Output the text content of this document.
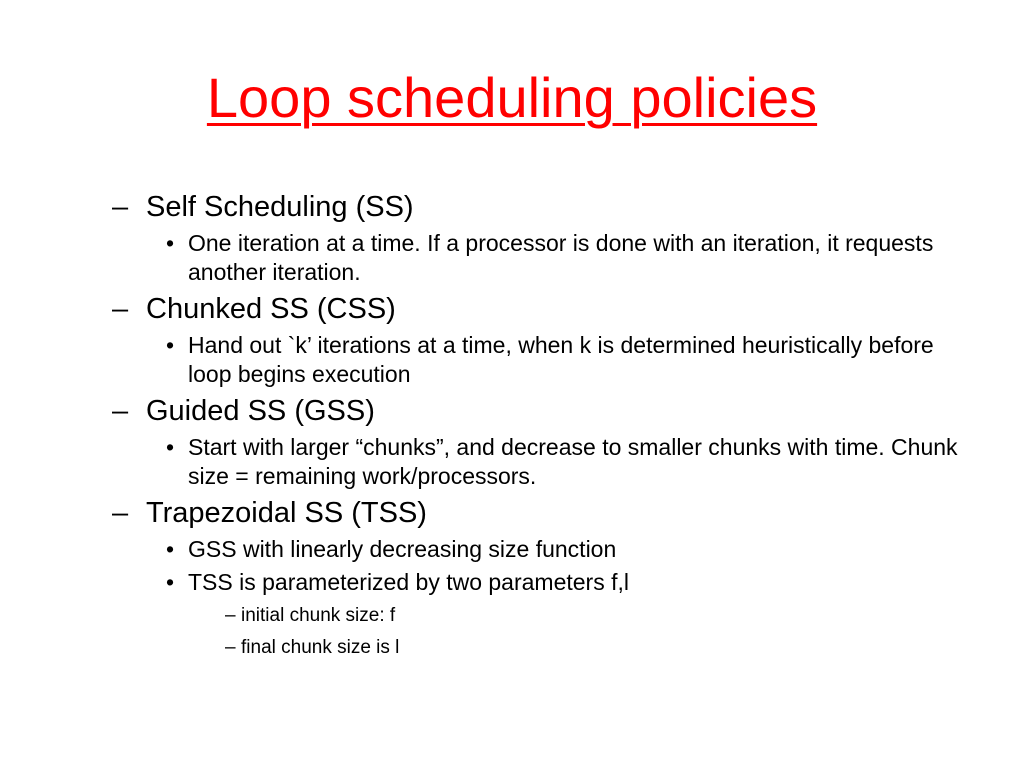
Loop scheduling policies
– Self Scheduling (SS)
• One iteration at a time. If a processor is done with an iteration, it requests another iteration.
– Chunked SS (CSS)
• Hand out `k’ iterations at a time, when k is determined heuristically before loop begins execution
– Guided SS (GSS)
• Start with larger “chunks”, and decrease to smaller chunks with time. Chunk size = remaining work/processors.
– Trapezoidal SS (TSS)
• GSS with linearly decreasing size function
• TSS is parameterized by two parameters f,l
– initial chunk size: f
– final chunk size is l
